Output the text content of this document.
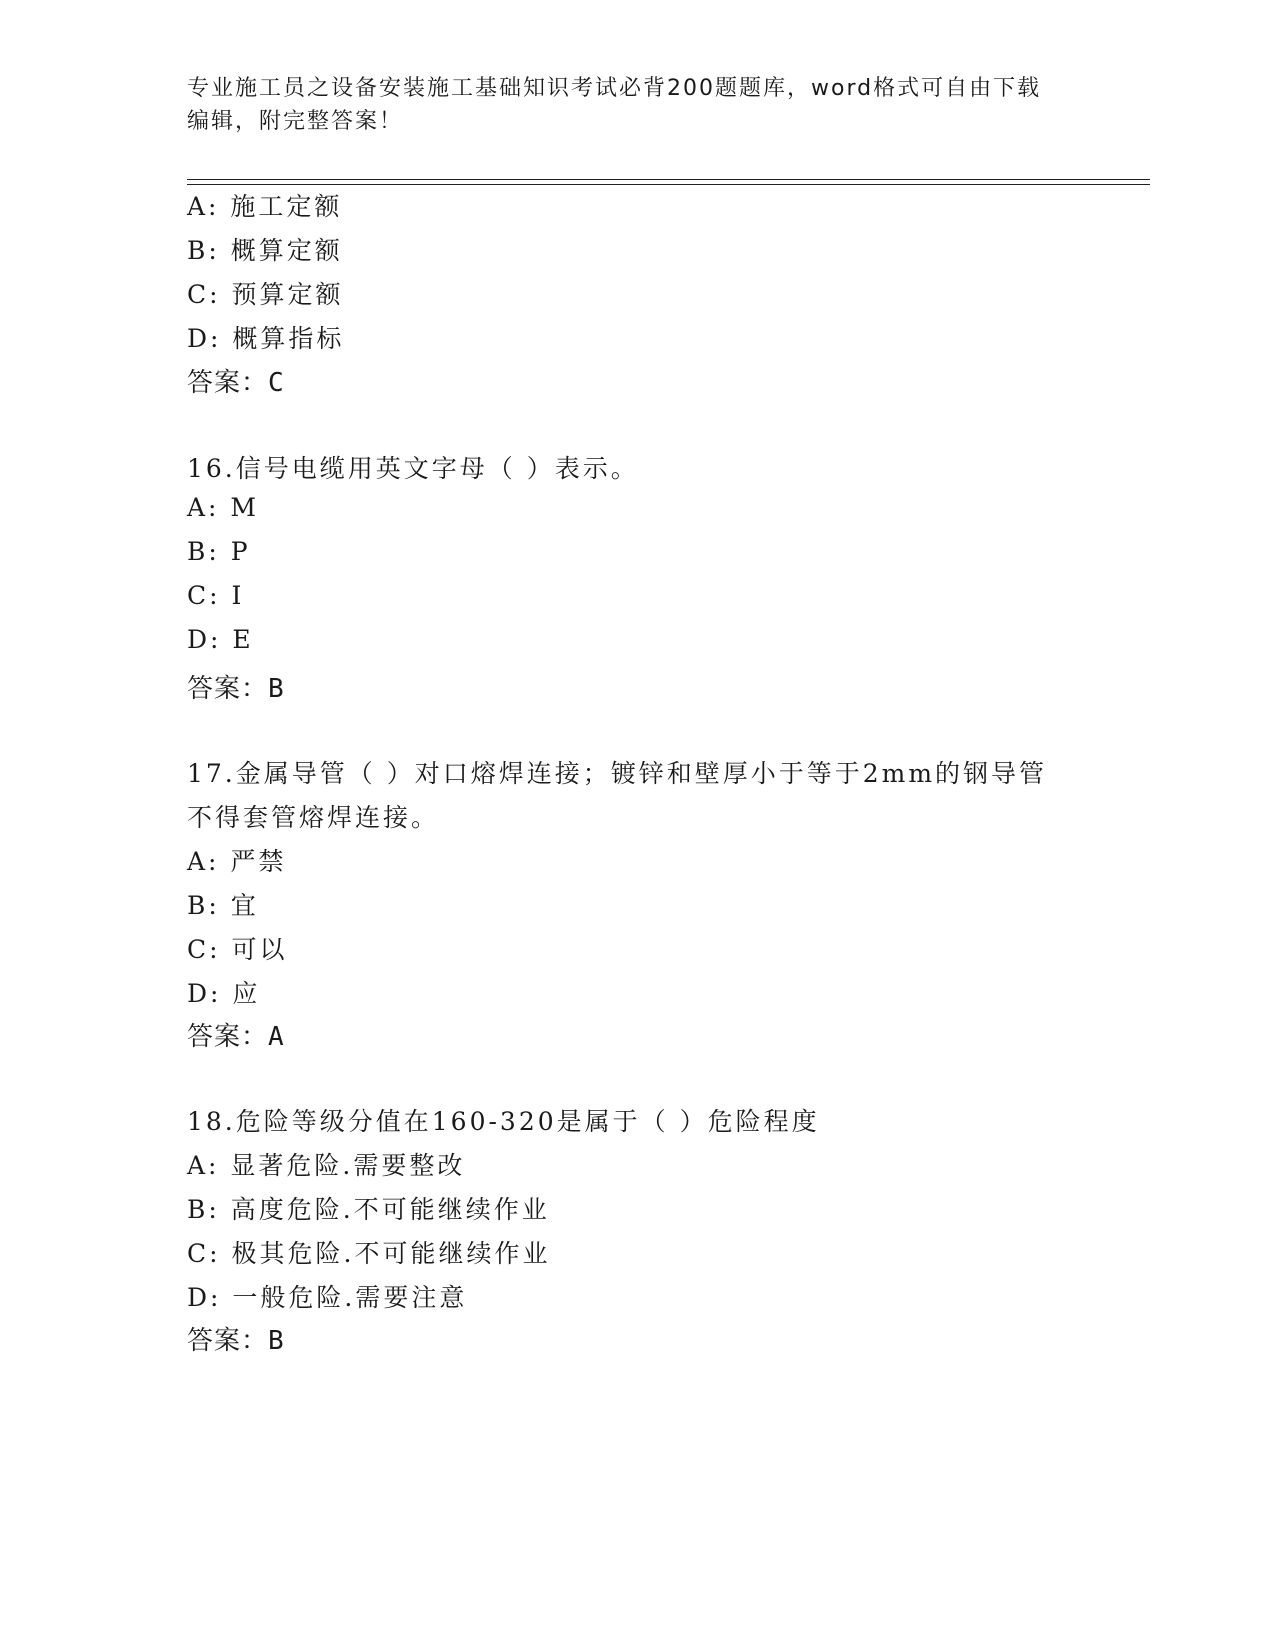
专业施工员之设备安装施工基础知识考试必背200题题库，word格式可自由下载
编辑，附完整答案！
A: 施工定额
B: 概算定额
C: 预算定额
D: 概算指标
答案：C
16.信号电缆用英文字母（ ）表示。
A: M
B: P
C: I
D: E
答案：B
17.金属导管（ ）对口熔焊连接；镀锌和壁厚小于等于2mm的钢导管
不得套管熔焊连接。
A: 严禁
B: 宜
C: 可以
D: 应
答案：A
18.危险等级分值在160-320是属于（ ）危险程度
A: 显著危险.需要整改
B: 高度危险.不可能继续作业
C: 极其危险.不可能继续作业
D: 一般危险.需要注意
答案：B
